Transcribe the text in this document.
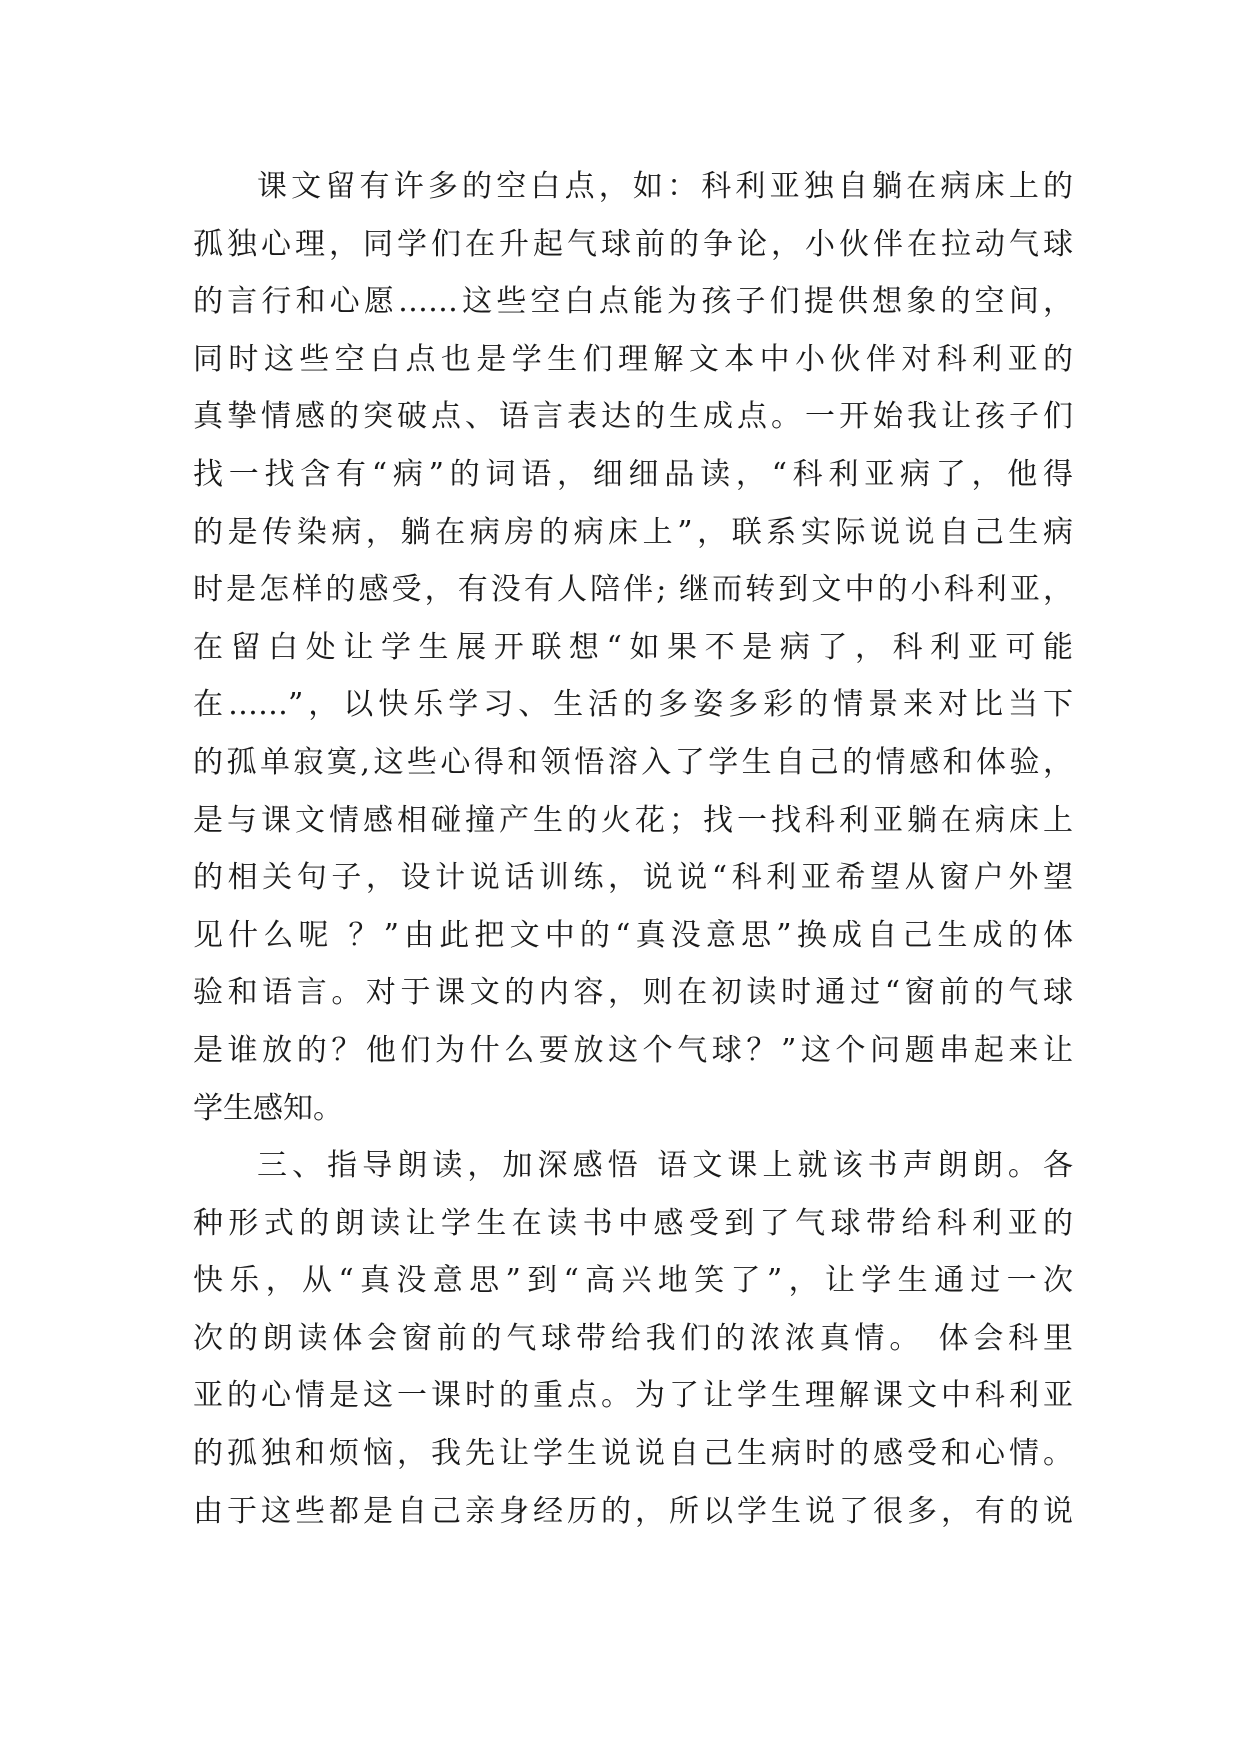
课文留有许多的空白点，如：科利亚独自躺在病床上的
孤独心理，同学们在升起气球前的争论，小伙伴在拉动气球
的言行和心愿……这些空白点能为孩子们提供想象的空间，
同时这些空白点也是学生们理解文本中小伙伴对科利亚的
真挚情感的突破点、语言表达的生成点。一开始我让孩子们
找一找含有“病”的词语，细细品读，“科利亚病了，他得
的是传染病，躺在病房的病床上”，联系实际说说自己生病
时是怎样的感受，有没有人陪伴; 继而转到文中的小科利亚，
在留白处让学生展开联想“如果不是病了，科利亚可能
在……”，以快乐学习、生活的多姿多彩的情景来对比当下
的孤单寂寞,这些心得和领悟溶入了学生自己的情感和体验，
是与课文情感相碰撞产生的火花；找一找科利亚躺在病床上
的相关句子，设计说话训练，说说“科利亚希望从窗户外望
见什么呢 ？”由此把文中的“真没意思”换成自己生成的体
验和语言。对于课文的内容，则在初读时通过“窗前的气球
是谁放的？他们为什么要放这个气球？”这个问题串起来让
学生感知。
三、指导朗读，加深感悟 语文课上就该书声朗朗。各
种形式的朗读让学生在读书中感受到了气球带给科利亚的
快乐，从“真没意思”到“高兴地笑了”，让学生通过一次
次的朗读体会窗前的气球带给我们的浓浓真情。 体会科里
亚的心情是这一课时的重点。为了让学生理解课文中科利亚
的孤独和烦恼，我先让学生说说自己生病时的感受和心情。
由于这些都是自己亲身经历的，所以学生说了很多，有的说
